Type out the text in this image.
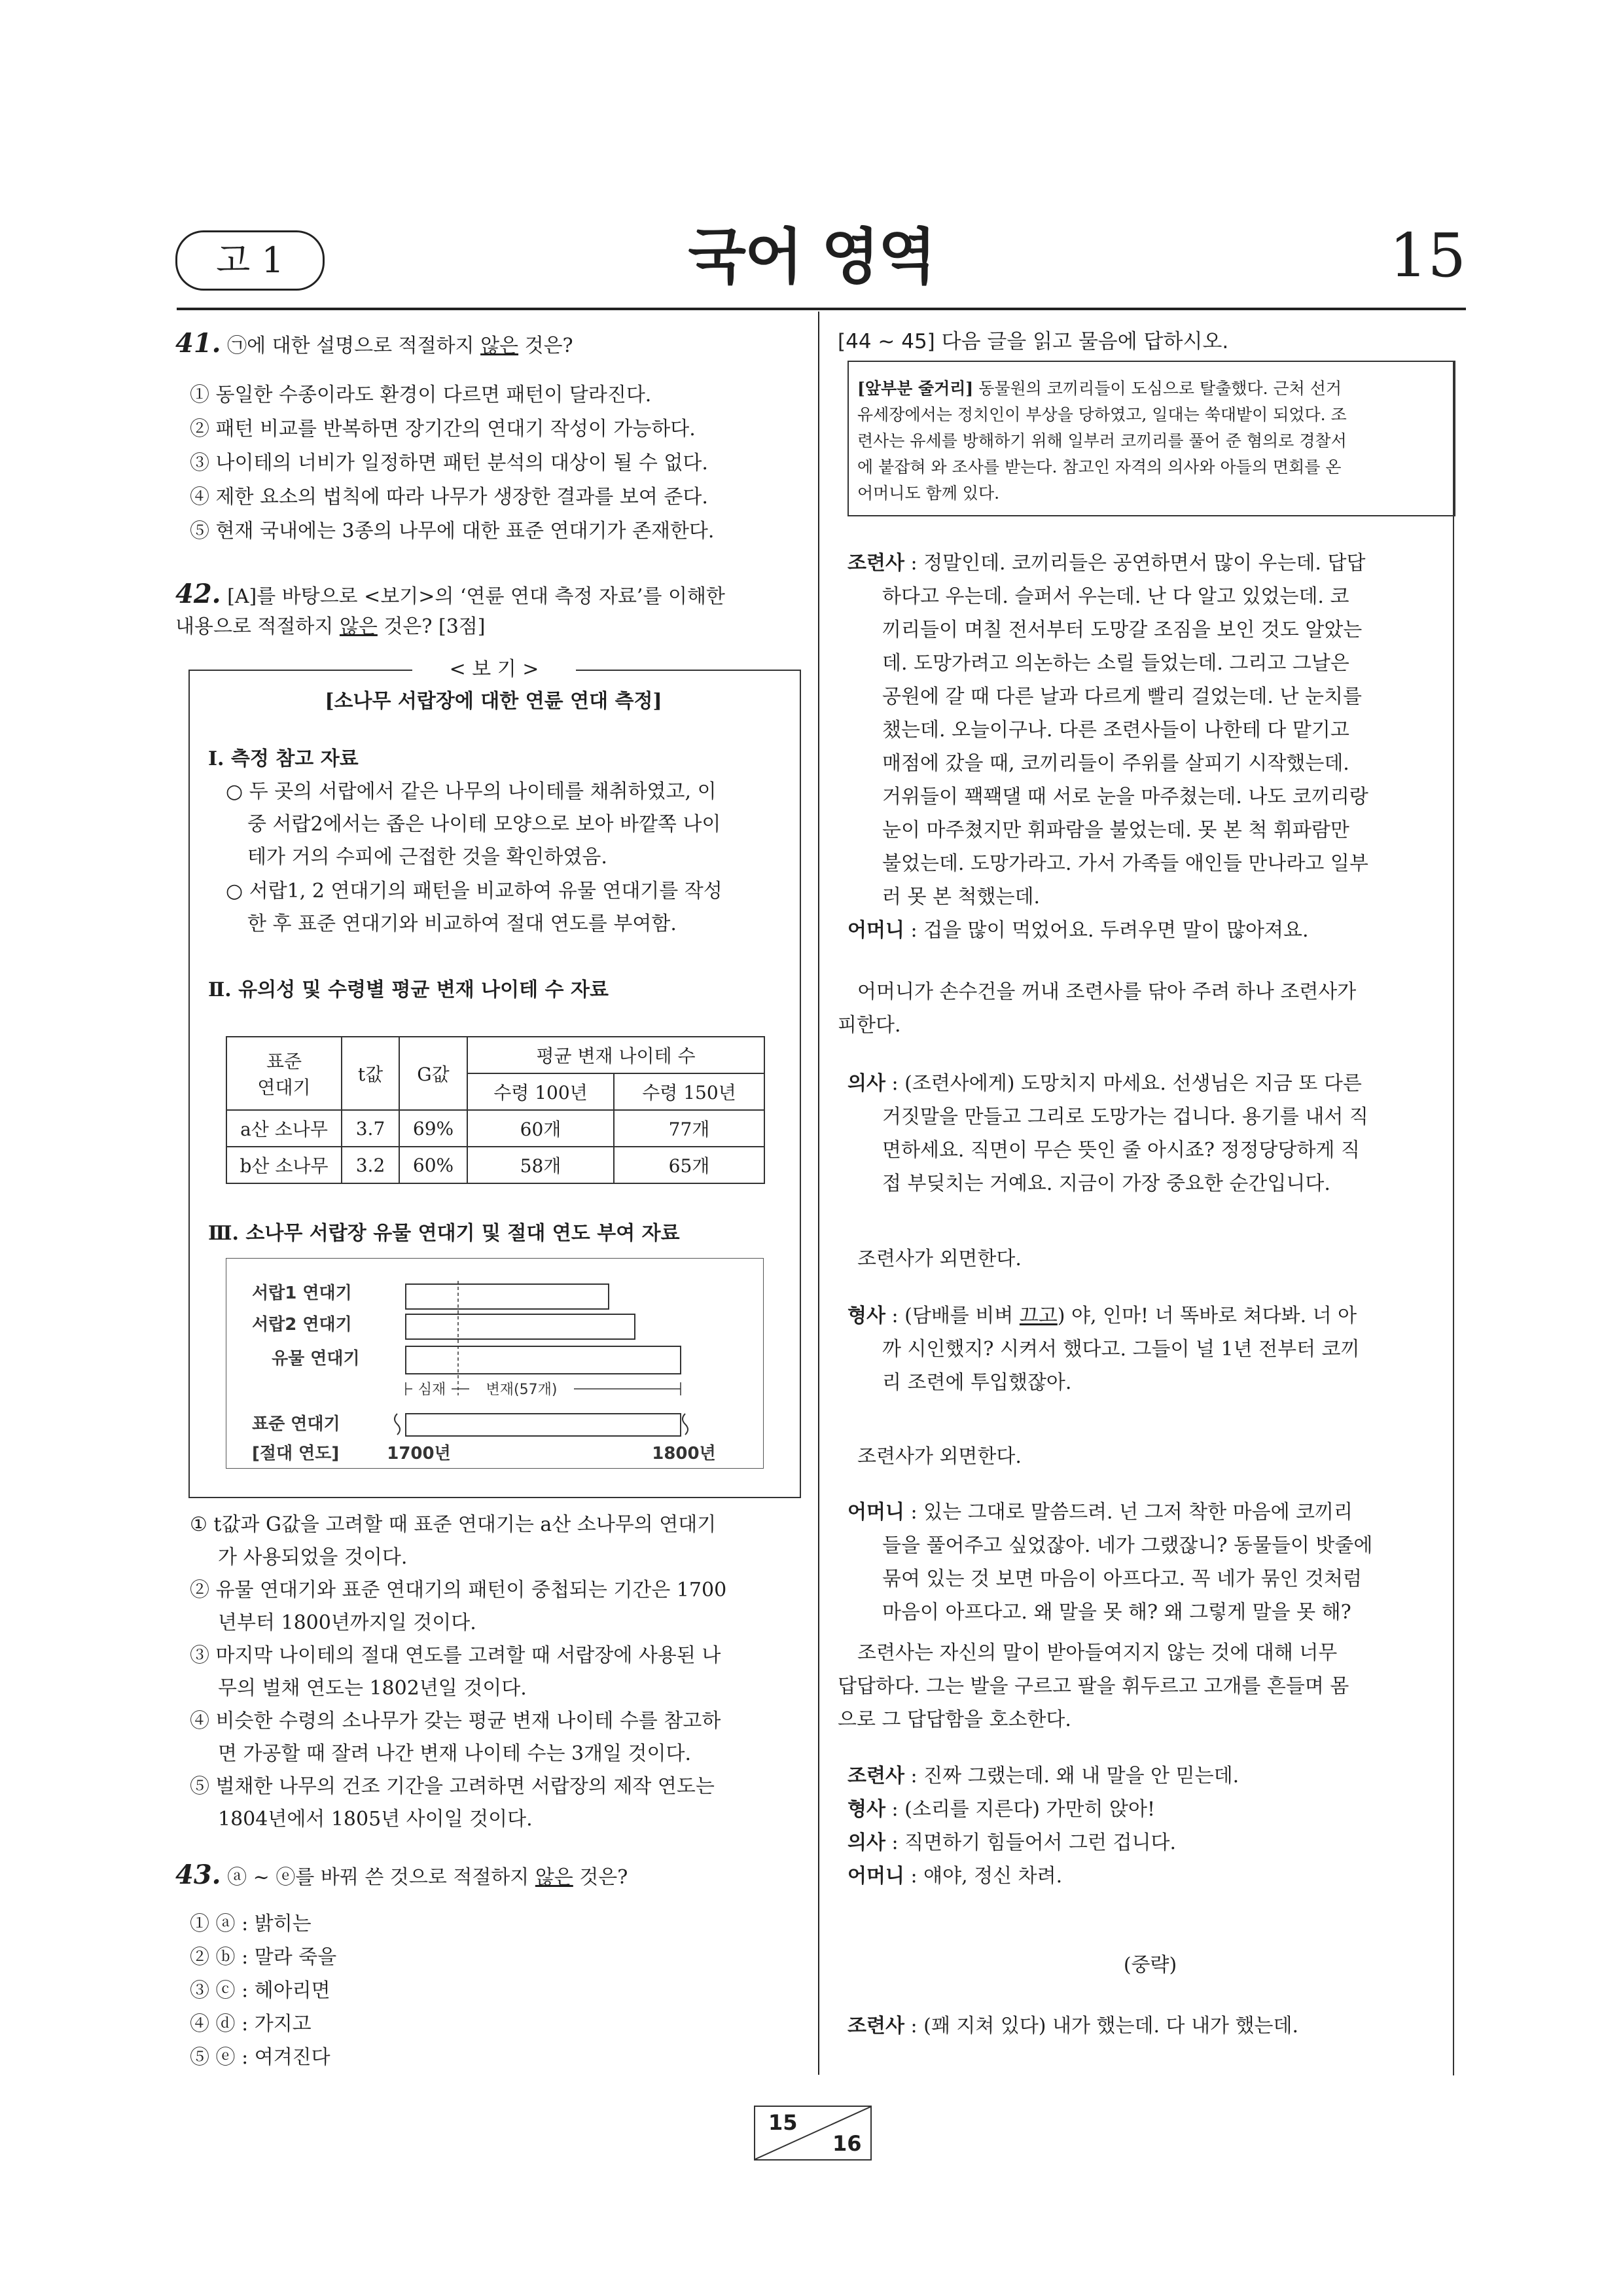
고 1	국어 영역	15
41. ㉠에 대한 설명으로 적절하지 않은 것은?
① 동일한 수종이라도 환경이 다르면 패턴이 달라진다.
② 패턴 비교를 반복하면 장기간의 연대기 작성이 가능하다.
③ 나이테의 너비가 일정하면 패턴 분석의 대상이 될 수 없다.
④ 제한 요소의 법칙에 따라 나무가 생장한 결과를 보여 준다.
⑤ 현재 국내에는 3종의 나무에 대한 표준 연대기가 존재한다.
42. [A]를 바탕으로 <보기>의 ‘연륜 연대 측정 자료’를 이해한
내용으로 적절하지 않은 것은? [3점]
< 보 기 >
[소나무 서랍장에 대한 연륜 연대 측정]
Ⅰ. 측정 참고 자료
○ 두 곳의 서랍에서 같은 나무의 나이테를 채취하였고, 이
중 서랍2에서는 좁은 나이테 모양으로 보아 바깥쪽 나이
테가 거의 수피에 근접한 것을 확인하였음.
○ 서랍1, 2 연대기의 패턴을 비교하여 유물 연대기를 작성
한 후 표준 연대기와 비교하여 절대 연도를 부여함.
Ⅱ. 유의성 및 수령별 평균 변재 나이테 수 자료
표준
연대기	t값	G값	평균 변재 나이테 수	
			수령 100년	수령 150년
a산 소나무	3.7	69%	60개	77개
b산 소나무	3.2	60%	58개	65개
Ⅲ. 소나무 서랍장 유물 연대기 및 절대 연도 부여 자료
서랍1 연대기
서랍2 연대기
유물 연대기
표준 연대기
[절대 연도]
심재	변재(57개)
1700년	1800년
① t값과 G값을 고려할 때 표준 연대기는 a산 소나무의 연대기
가 사용되었을 것이다.
② 유물 연대기와 표준 연대기의 패턴이 중첩되는 기간은 1700
년부터 1800년까지일 것이다.
③ 마지막 나이테의 절대 연도를 고려할 때 서랍장에 사용된 나
무의 벌채 연도는 1802년일 것이다.
④ 비슷한 수령의 소나무가 갖는 평균 변재 나이테 수를 참고하
면 가공할 때 잘려 나간 변재 나이테 수는 3개일 것이다.
⑤ 벌채한 나무의 건조 기간을 고려하면 서랍장의 제작 연도는
1804년에서 1805년 사이일 것이다.
43. ⓐ ~ ⓔ를 바꿔 쓴 것으로 적절하지 않은 것은?
① ⓐ : 밝히는
② ⓑ : 말라 죽을
③ ⓒ : 헤아리면
④ ⓓ : 가지고
⑤ ⓔ : 여겨진다
[44 ~ 45] 다음 글을 읽고 물음에 답하시오.
[앞부분 줄거리] 동물원의 코끼리들이 도심으로 탈출했다. 근처 선거
유세장에서는 정치인이 부상을 당하였고, 일대는 쑥대밭이 되었다. 조
련사는 유세를 방해하기 위해 일부러 코끼리를 풀어 준 혐의로 경찰서
에 붙잡혀 와 조사를 받는다. 참고인 자격의 의사와 아들의 면회를 온
어머니도 함께 있다.
조련사 : 정말인데. 코끼리들은 공연하면서 많이 우는데. 답답
하다고 우는데. 슬퍼서 우는데. 난 다 알고 있었는데. 코
끼리들이 며칠 전서부터 도망갈 조짐을 보인 것도 알았는
데. 도망가려고 의논하는 소릴 들었는데. 그리고 그날은
공원에 갈 때 다른 날과 다르게 빨리 걸었는데. 난 눈치를
챘는데. 오늘이구나. 다른 조련사들이 나한테 다 맡기고
매점에 갔을 때, 코끼리들이 주위를 살피기 시작했는데.
거위들이 꽥꽥댈 때 서로 눈을 마주쳤는데. 나도 코끼리랑
눈이 마주쳤지만 휘파람을 불었는데. 못 본 척 휘파람만
불었는데. 도망가라고. 가서 가족들 애인들 만나라고 일부
러 못 본 척했는데.
어머니 : 겁을 많이 먹었어요. 두려우면 말이 많아져요.
어머니가 손수건을 꺼내 조련사를 닦아 주려 하나 조련사가
피한다.
의사 : (조련사에게) 도망치지 마세요. 선생님은 지금 또 다른
거짓말을 만들고 그리로 도망가는 겁니다. 용기를 내서 직
면하세요. 직면이 무슨 뜻인 줄 아시죠? 정정당당하게 직
접 부딪치는 거예요. 지금이 가장 중요한 순간입니다.
조련사가 외면한다.
형사 : (담배를 비벼 끄고) 야, 인마! 너 똑바로 쳐다봐. 너 아
까 시인했지? 시켜서 했다고. 그들이 널 1년 전부터 코끼
리 조련에 투입했잖아.
조련사가 외면한다.
어머니 : 있는 그대로 말씀드려. 넌 그저 착한 마음에 코끼리
들을 풀어주고 싶었잖아. 네가 그랬잖니? 동물들이 밧줄에
묶여 있는 것 보면 마음이 아프다고. 꼭 네가 묶인 것처럼
마음이 아프다고. 왜 말을 못 해? 왜 그렇게 말을 못 해?
조련사는 자신의 말이 받아들여지지 않는 것에 대해 너무
답답하다. 그는 발을 구르고 팔을 휘두르고 고개를 흔들며 몸
으로 그 답답함을 호소한다.
조련사 : 진짜 그랬는데. 왜 내 말을 안 믿는데.
형사 : (소리를 지른다) 가만히 앉아!
의사 : 직면하기 힘들어서 그런 겁니다.
어머니 : 얘야, 정신 차려.
(중략)
조련사 : (꽤 지쳐 있다) 내가 했는데. 다 내가 했는데.
15
16
